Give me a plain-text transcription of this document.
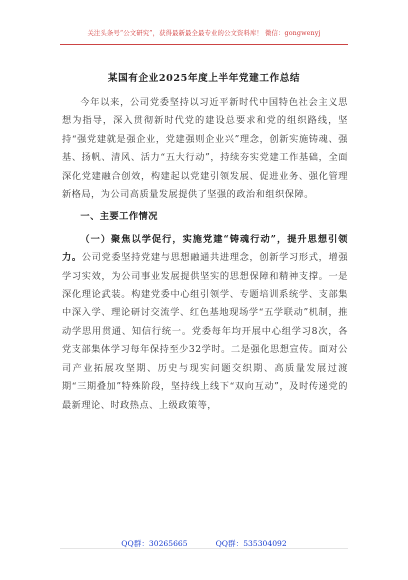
关注头条号“公文研究”，获得最新最全最专业的公文资料库！ 微信：gongwenyj
某国有企业2025年度上半年党建工作总结

今年以来，公司党委坚持以习近平新时代中国特色社会主义思想为指导，深入贯彻新时代党的建设总要求和党的组织路线，坚持“强党建就是强企业，党建强则企业兴”理念，创新实施铸魂、强基、扬帆、清风、活力“五大行动”，持续夯实党建工作基础，全面深化党建融合创效，构建起以党建引领发展、促进业务、强化管理新格局，为公司高质量发展提供了坚强的政治和组织保障。

一、主要工作情况

（一）聚焦以学促行，实施党建“铸魂行动”，提升思想引领力。公司党委坚持党建与思想融通共进理念，创新学习形式，增强学习实效，为公司事业发展提供坚实的思想保障和精神支撑。一是深化理论武装。构建党委中心组引领学、专题培训系统学、支部集中深入学、理论研讨交流学、红色基地现场学“五学联动”机制，推动学思用贯通、知信行统一。党委每年均开展中心组学习8次，各党支部集体学习每年保持至少32学时。二是强化思想宣传。面对公司产业拓展攻坚期、历史与现实问题交织期、高质量发展过渡期“三期叠加”特殊阶段，坚持线上线下“双向互动”，及时传递党的最新理论、时政热点、上级政策等，

QQ群：30265665	QQ群：535304092
